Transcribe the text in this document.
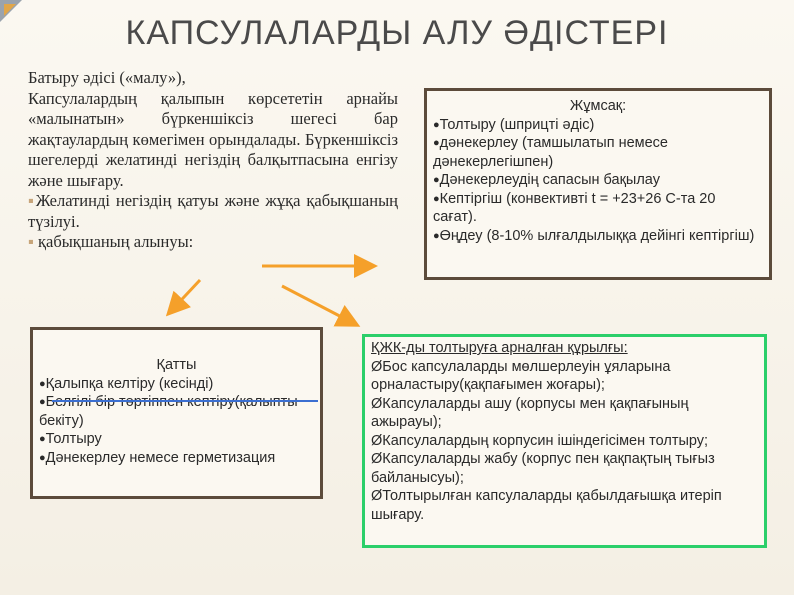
КАПСУЛАЛАРДЫ АЛУ ӘДІСТЕРІ

Батыру әдісі («малу»),

Капсулалардың қалыпын көрсететін арнайы «малынатын» бүркеншіксіз шегесі бар жақтаулардың көмегімен орындалады. Бүркеншіксіз шегелерді желатинді негіздің балқытпасына енгізу және шығару.

▪Желатинді негіздің қатуы және жұқа қабықшаның түзілуі.

▪ қабықшаның алынуы:

Жұмсақ:
●Толтыру (шприцті әдіс)
●дәнекерлеу (тамшылатып немесе дәнекерлегішпен)
●Дәнекерлеудің сапасын бақылау
●Кептіргіш (конвективті t = +23+26 С-та 20 сағат).
●Өңдеу (8-10% ылғалдылыққа дейінгі кептіргіш)
Қатты
●Қалыпқа келтіру (кесінді)
●Белгілі бір тәртіппен кептіру(қалыпты бекіту)
●Толтыру
●Дәнекерлеу немесе герметизация
ҚЖК-ды толтыруға арналған құрылғы:
ØБос капсулаларды мөлшерлеуін ұяларына орналастыру(қақпағымен жоғары);
ØКапсулаларды ашу (корпусы мен қақпағының ажырауы);
ØКапсулалардың корпусин ішіндегісімен толтыру;
ØКапсулаларды жабу (корпус пен қақпақтың тығыз байланысуы);
ØТолтырылған капсулаларды қабылдағышқа итеріп шығару.
